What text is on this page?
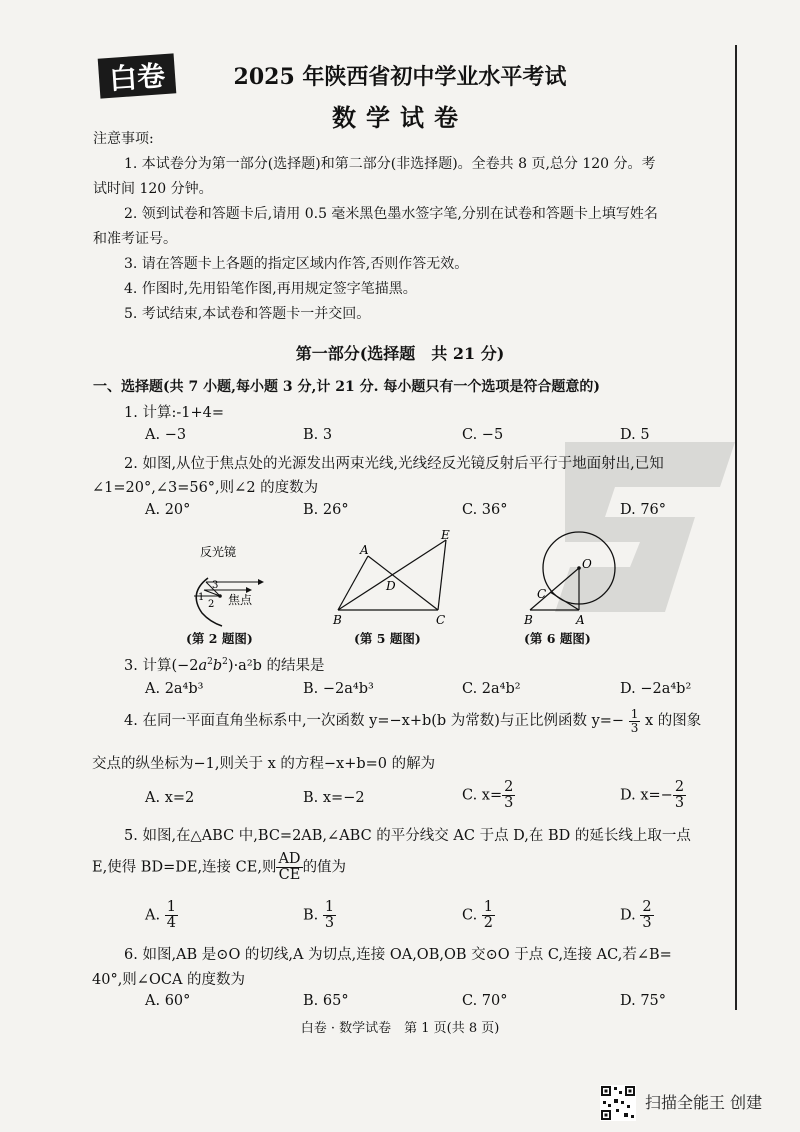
白卷	2025 年陕西省初中学业水平考试
数学试卷
注意事项:
1. 本试卷分为第一部分(选择题)和第二部分(非选择题)。全卷共 8 页,总分 120 分。考
试时间 120 分钟。
2. 领到试卷和答题卡后,请用 0.5 毫米黑色墨水签字笔,分别在试卷和答题卡上填写姓名
和准考证号。
3. 请在答题卡上各题的指定区域内作答,否则作答无效。
4. 作图时,先用铅笔作图,再用规定签字笔描黑。
5. 考试结束,本试卷和答题卡一并交回。
第一部分(选择题　共 21 分)
一、选择题(共 7 小题,每小题 3 分,计 21 分. 每小题只有一个选项是符合题意的)
1. 计算:-1+4=
A. −3	B. 3	C. −5	D. 5
2. 如图,从位于焦点处的光源发出两束光线,光线经反光镜反射后平行于地面射出,已知
∠1=20°,∠3=56°,则∠2 的度数为
A. 20°	B. 26°	C. 36°	D. 76°
反光镜
焦点
3
1
2
(第 2 题图)
A
B	C
D
E
(第 5 题图)
O
A
B
C
(第 6 题图)
3. 计算$(-2a^2b^2)\cdot a^2b$ 的结果是
A. 2a⁴b³	B. −2a⁴b³	C. 2a⁴b²	D. −2a⁴b²
4. 在同一平面直角坐标系中,一次函数 y=−x+b(b 为常数)与正比例函数 $y=- \frac{1}{3}$ x 的图象
交点的纵坐标为−1,则关于 x 的方程−x+b=0 的解为
A. x=2	B. x=−2	C. $x= \frac{2}{3}$	D. $x=- \frac{2}{3}$
5. 如图,在△ABC 中,BC=2AB,∠ABC 的平分线交 AC 于点 D,在 BD 的延长线上取一点
E,使得 BD=DE,连接 CE,则 $\frac{AD}{CE}$ 的值为
A. $\frac{1}{4}$	B. $\frac{1}{3}$	C. $\frac{1}{2}$	D. $\frac{2}{3}$
6. 如图,AB 是⊙O 的切线,A 为切点,连接 OA,OB,OB 交⊙O 于点 C,连接 AC,若∠B=
40°,则∠OCA 的度数为
A. 60°	B. 65°	C. 70°	D. 75°
白卷 · 数学试卷　第 1 页(共 8 页)
扫描全能王 创建
